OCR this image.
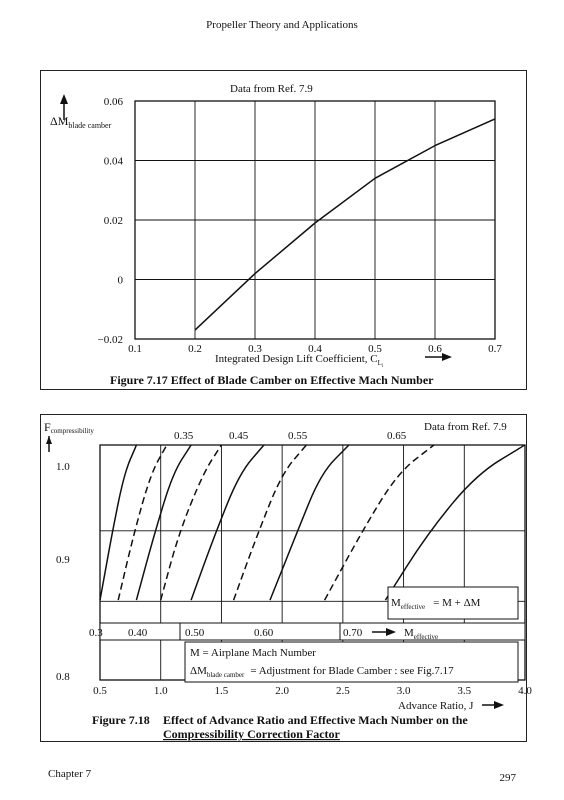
Propeller Theory and Applications
0.1	0.2	0.3	0.4	0.5	0.6	0.7
−0.02
0
0.02
0.04
0.06
$\Delta M_{blade camber}$
Data from Ref. 7.9
Integrated Design Lift Coefficient, $C_Li$
Figure 7.17 Effect of Blade Camber on Effective Mach Number
0.5	1.0	1.5	2.0	2.5	3.0	3.5	4.0
0.8
0.9
1.0
Fcompressibility	Data from Ref. 7.9
0.35	0.45	0.55	0.65
$M_{effective} = M + \Delta M$
0.3 0.40	0.50	0.60	0.70	$M_{effective}$
M = Airplane Mach Number
$\Delta M_{blade camber}$ = Adjustment for Blade Camber : see Fig.7.17
Advance Ratio, J
Figure 7.18 Effect of Advance Ratio and Effective Mach Number on the
Compressibility Correction Factor
Chapter 7	297
